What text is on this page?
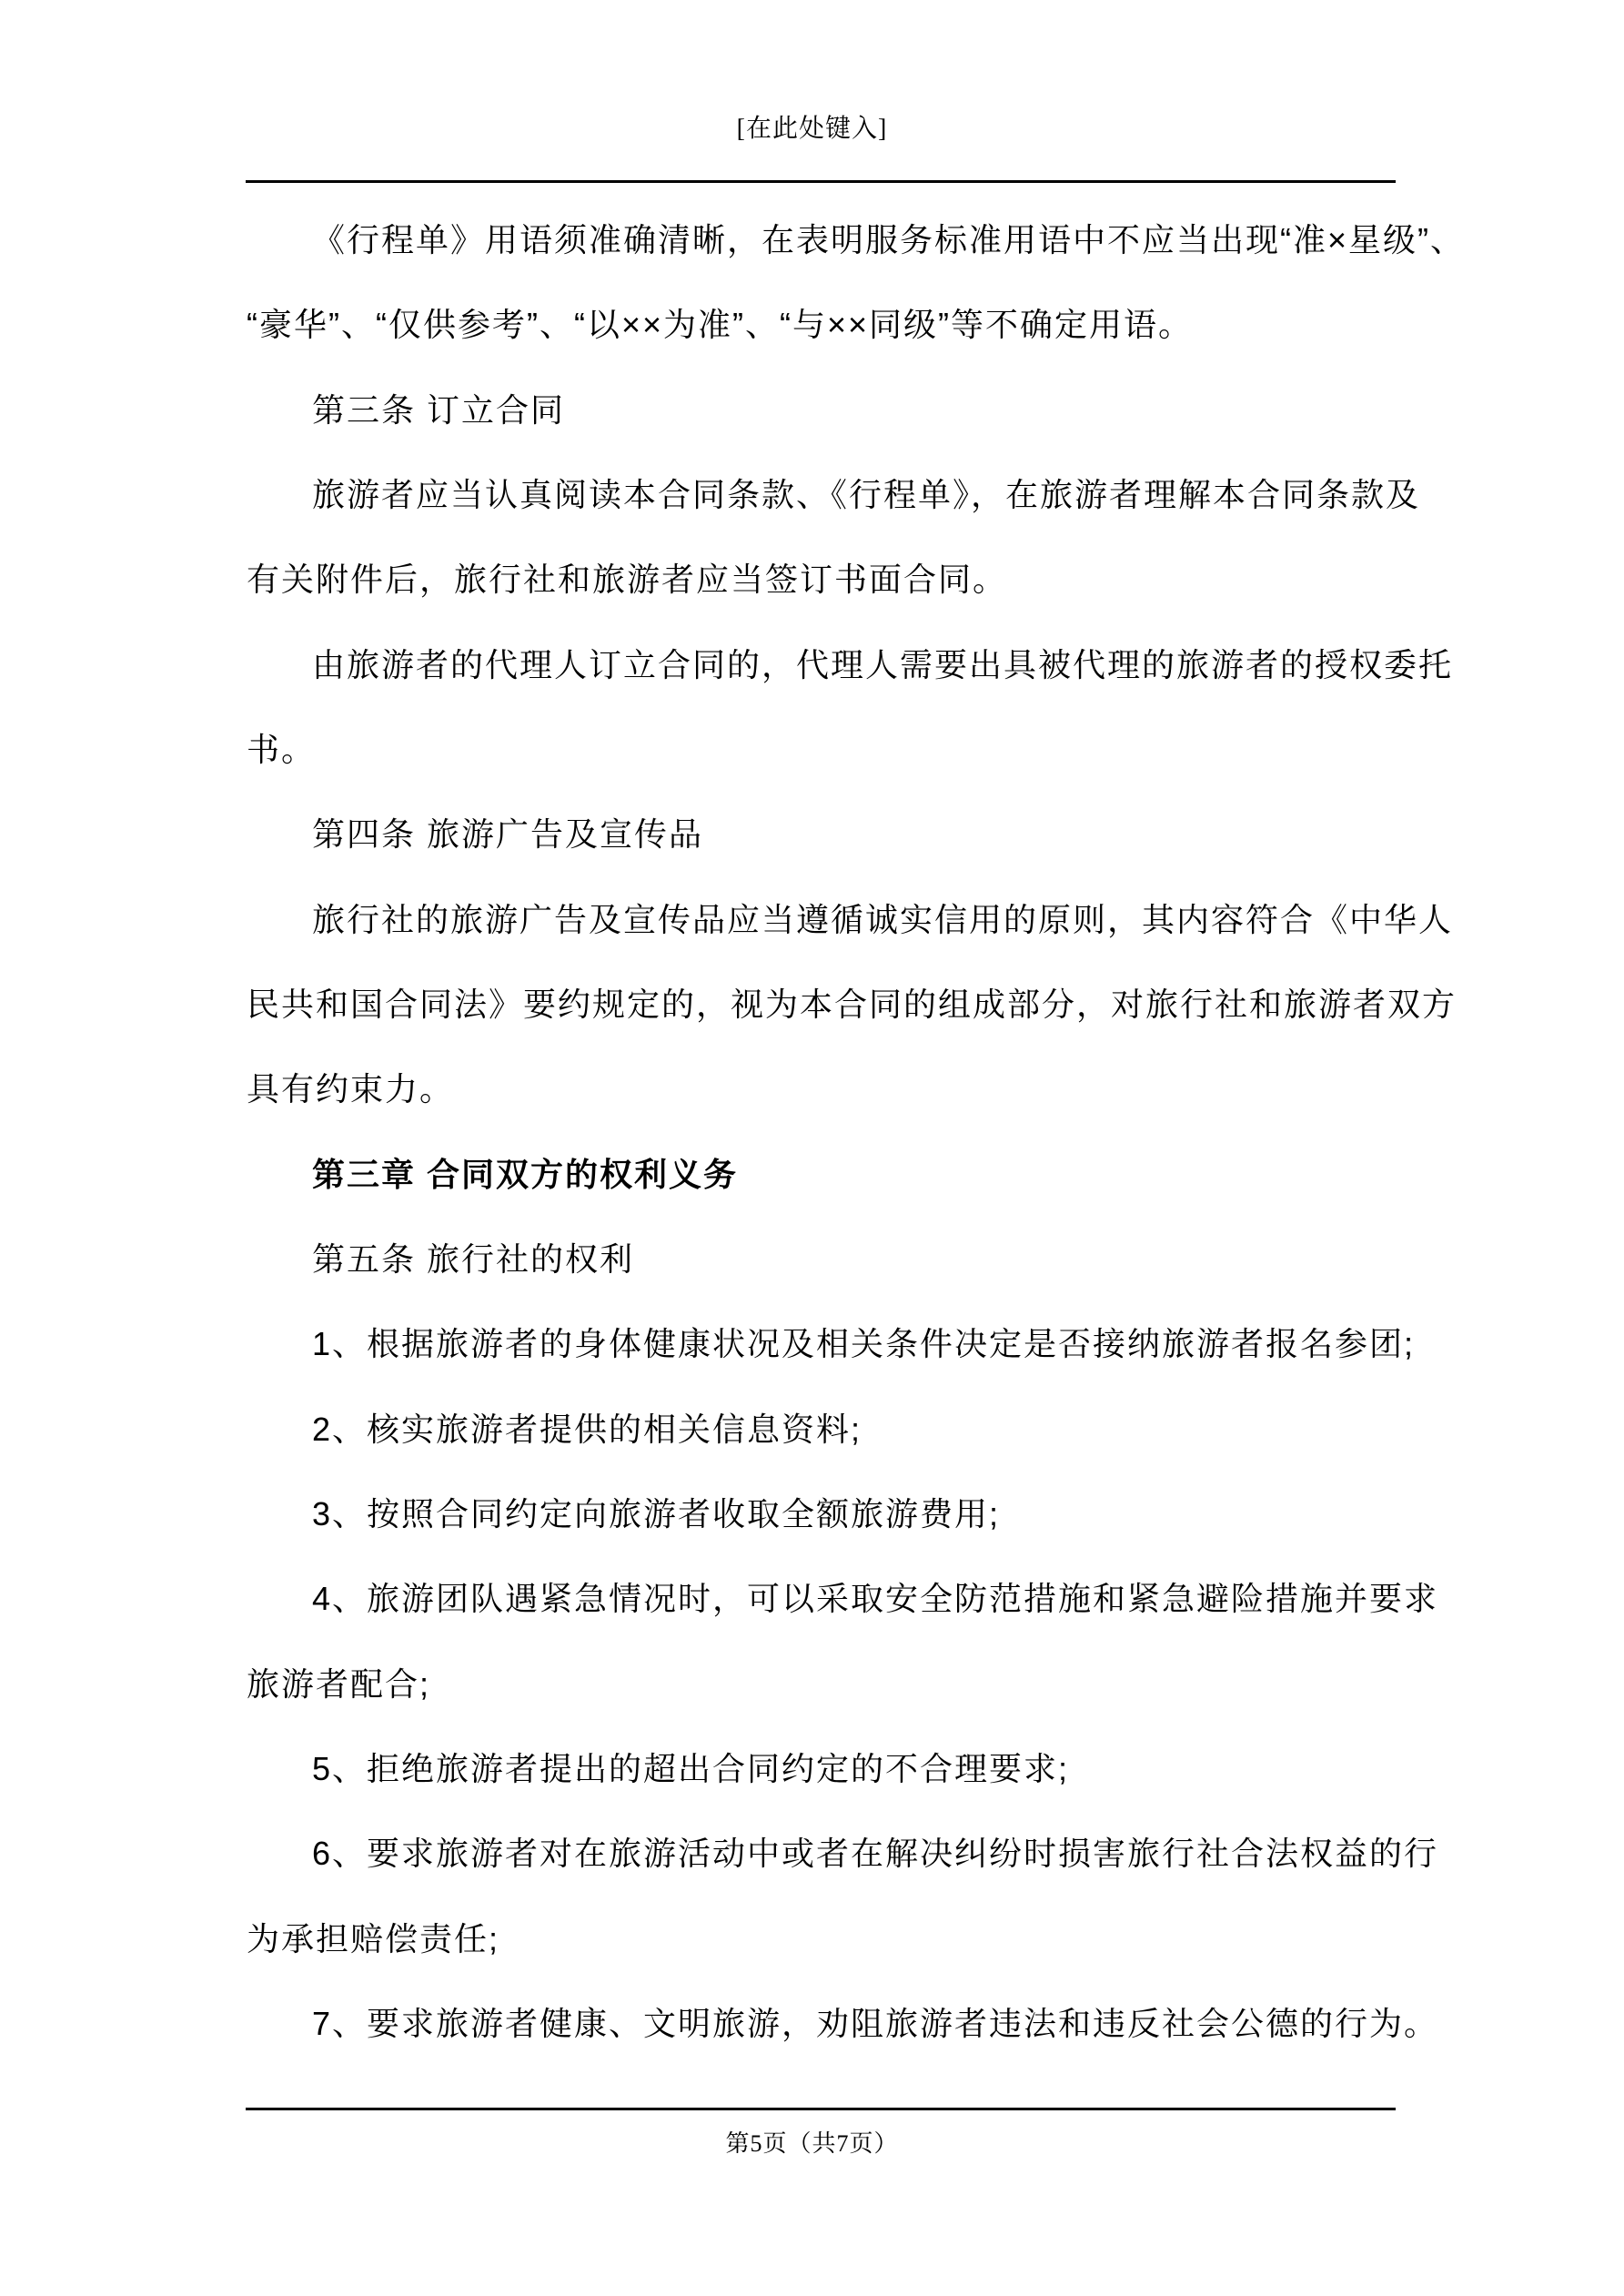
[在此处键入]
《行程单》用语须准确清晰，在表明服务标准用语中不应当出现“准×星级”、
“豪华”、“仅供参考”、“以××为准”、“与××同级”等不确定用语。
第三条 订立合同
旅游者应当认真阅读本合同条款、《行程单》，在旅游者理解本合同条款及
有关附件后，旅行社和旅游者应当签订书面合同。
由旅游者的代理人订立合同的，代理人需要出具被代理的旅游者的授权委托
书。
第四条 旅游广告及宣传品
旅行社的旅游广告及宣传品应当遵循诚实信用的原则，其内容符合《中华人
民共和国合同法》要约规定的，视为本合同的组成部分，对旅行社和旅游者双方
具有约束力。
第三章 合同双方的权利义务
第五条 旅行社的权利
1、根据旅游者的身体健康状况及相关条件决定是否接纳旅游者报名参团;
2、核实旅游者提供的相关信息资料;
3、按照合同约定向旅游者收取全额旅游费用;
4、旅游团队遇紧急情况时，可以采取安全防范措施和紧急避险措施并要求
旅游者配合;
5、拒绝旅游者提出的超出合同约定的不合理要求;
6、要求旅游者对在旅游活动中或者在解决纠纷时损害旅行社合法权益的行
为承担赔偿责任;
7、要求旅游者健康、文明旅游，劝阻旅游者违法和违反社会公德的行为。
第5页（共7页）
